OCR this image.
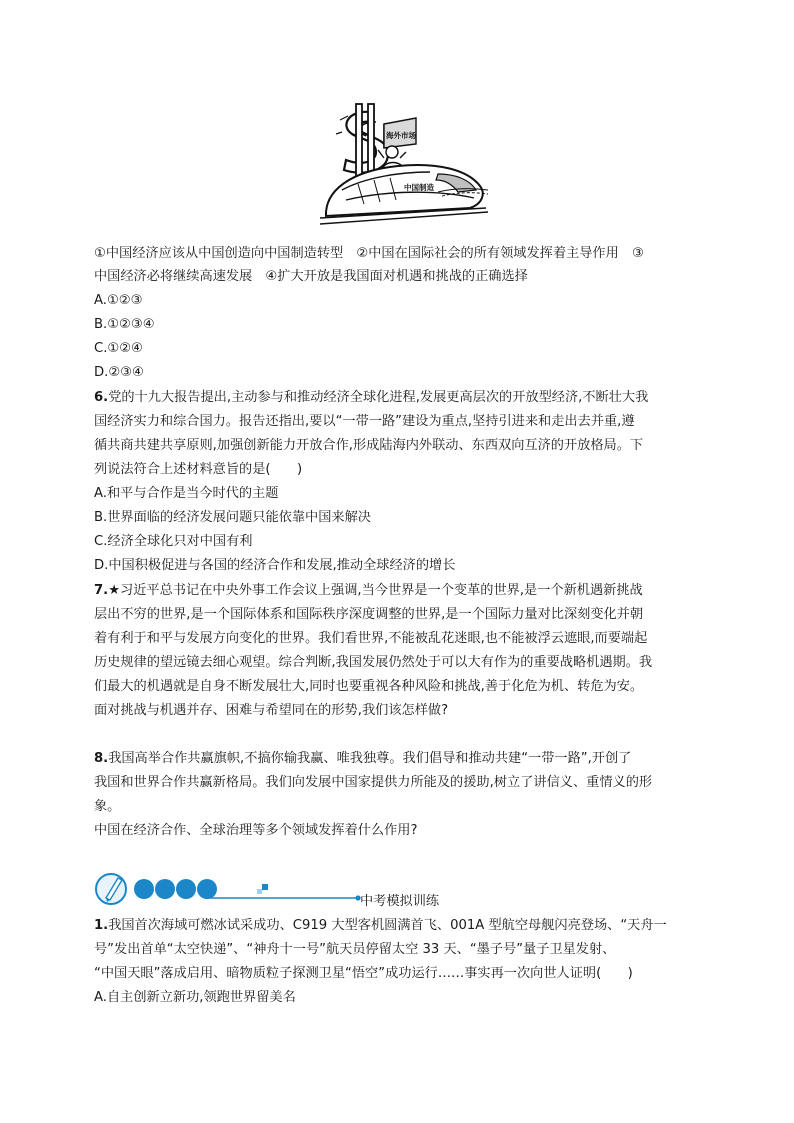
海外市场
中国制造
①中国经济应该从中国创造向中国制造转型　②中国在国际社会的所有领域发挥着主导作用　③
中国经济必将继续高速发展　④扩大开放是我国面对机遇和挑战的正确选择
A.①②③
B.①②③④
C.①②④
D.②③④
6.党的十九大报告提出,主动参与和推动经济全球化进程,发展更高层次的开放型经济,不断壮大我
国经济实力和综合国力。报告还指出,要以“一带一路”建设为重点,坚持引进来和走出去并重,遵
循共商共建共享原则,加强创新能力开放合作,形成陆海内外联动、东西双向互济的开放格局。下
列说法符合上述材料意旨的是(　　)
A.和平与合作是当今时代的主题
B.世界面临的经济发展问题只能依靠中国来解决
C.经济全球化只对中国有利
D.中国积极促进与各国的经济合作和发展,推动全球经济的增长
7.★习近平总书记在中央外事工作会议上强调,当今世界是一个变革的世界,是一个新机遇新挑战
层出不穷的世界,是一个国际体系和国际秩序深度调整的世界,是一个国际力量对比深刻变化并朝
着有利于和平与发展方向变化的世界。我们看世界,不能被乱花迷眼,也不能被浮云遮眼,而要端起
历史规律的望远镜去细心观望。综合判断,我国发展仍然处于可以大有作为的重要战略机遇期。我
们最大的机遇就是自身不断发展壮大,同时也要重视各种风险和挑战,善于化危为机、转危为安。
面对挑战与机遇并存、困难与希望同在的形势,我们该怎样做?
8.我国高举合作共赢旗帜,不搞你输我赢、唯我独尊。我们倡导和推动共建“一带一路”,开创了
我国和世界合作共赢新格局。我们向发展中国家提供力所能及的援助,树立了讲信义、重情义的形
象。
中国在经济合作、全球治理等多个领域发挥着什么作用?
中考模拟训练
1.我国首次海域可燃冰试采成功、C919 大型客机圆满首飞、001A 型航空母舰闪亮登场、“天舟一
号”发出首单“太空快递”、“神舟十一号”航天员停留太空 33 天、“墨子号”量子卫星发射、
“中国天眼”落成启用、暗物质粒子探测卫星“悟空”成功运行……事实再一次向世人证明(　　)
A.自主创新立新功,领跑世界留美名
